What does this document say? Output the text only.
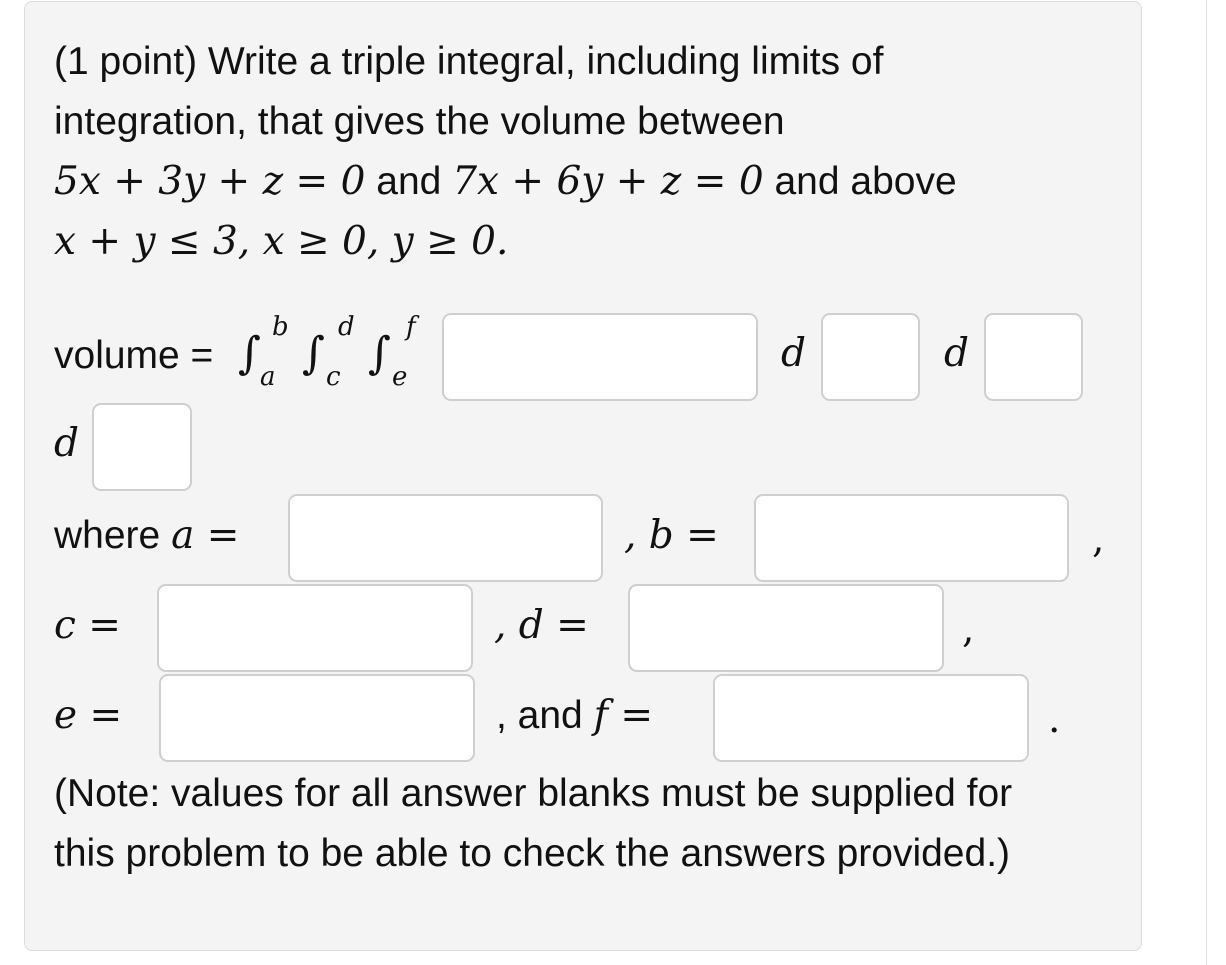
(1 point) Write a triple integral, including limits of
integration, that gives the volume between
5x + 3y + z = 0 and 7x + 6y + z = 0 and above
x + y ≤ 3, x ≥ 0, y ≥ 0.
volume = ∫
b
a ∫
d
c ∫
f
e
d	d
d
where a =	, b =	,
c =	, d =	,
e =	, and f =	.
(Note: values for all answer blanks must be supplied for
this problem to be able to check the answers provided.)
